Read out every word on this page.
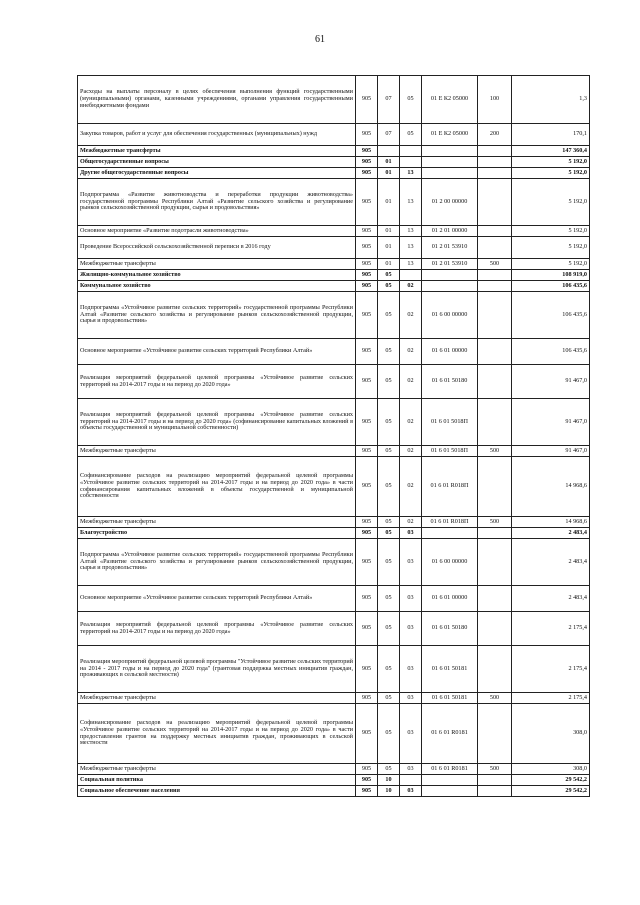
61
Расходы на выплаты персоналу в целях обеспечения выполнения функций государственными (муниципальными) органами, казенными учреждениями, органами управления государственными внебюджетными фондами	905	07	05	01 Е К2 05000	100	1,3
Закупка товаров, работ и услуг для обеспечения государственных (муниципальных) нужд	905	07	05	01 Е К2 05000	200	170,1
Межбюджетные трансферты	905					147 360,4
Общегосударственные вопросы	905	01				5 192,0
Другие общегосударственные вопросы	905	01	13			5 192,0
Подпрограмма «Развитие животноводства и переработки продукции животноводства» государственной программы Республики Алтай «Развитие сельского хозяйства и регулирование рынков сельскохозяйственной продукции, сырья и продовольствия»	905	01	13	01 2 00 00000		5 192,0
Основное мероприятие «Развитие подотрасли животноводства»	905	01	13	01 2 01 00000		5 192,0
Проведение Всероссийской сельскохозяйственной переписи в 2016 году	905	01	13	01 2 01 53910		5 192,0
Межбюджетные трансферты	905	01	13	01 2 01 53910	500	5 192,0
Жилищно-коммунальное хозяйство	905	05				108 919,0
Коммунальное хозяйство	905	05	02			106 435,6
Подпрограмма «Устойчивое развитие сельских территорий» государственной программы Республики Алтай «Развитие сельского хозяйства и регулирование рынков сельскохозяйственной продукции, сырья и продовольствия»	905	05	02	01 6 00 00000		106 435,6
Основное мероприятие «Устойчивое развитие сельских территорий Республики Алтай»	905	05	02	01 6 01 00000		106 435,6
Реализация мероприятий федеральной целевой программы «Устойчивое развитие сельских территорий на 2014-2017 годы и на период до 2020 года»	905	05	02	01 6 01 50180		91 467,0
Реализация мероприятий федеральной целевой программы «Устойчивое развитие сельских территорий на 2014-2017 годы и на период до 2020 года» (софинансирование капитальных вложений в объекты государственной и муниципальной собственности)	905	05	02	01 6 01 5018П		91 467,0
Межбюджетные трансферты	905	05	02	01 6 01 5018П	500	91 467,0
Софинансирование расходов на реализацию мероприятий федеральной целевой программы «Устойчивое развитие сельских территорий на 2014-2017 годы и на период до 2020 года» в части софинансирования капитальных вложений в объекты государственной и муниципальной собственности	905	05	02	01 6 01 R018П		14 968,6
Межбюджетные трансферты	905	05	02	01 6 01 R018П	500	14 968,6
Благоустройство	905	05	03			2 483,4
Подпрограмма «Устойчивое развитие сельских территорий» государственной программы Республики Алтай «Развитие сельского хозяйства и регулирование рынков сельскохозяйственной продукции, сырья и продовольствия»	905	05	03	01 6 00 00000		2 483,4
Основное мероприятие «Устойчивое развитие сельских территорий Республики Алтай»	905	05	03	01 6 01 00000		2 483,4
Реализация мероприятий федеральной целевой программы «Устойчивое развитие сельских территорий на 2014-2017 годы и на период до 2020 года»	905	05	03	01 6 01 50180		2 175,4
Реализация мероприятий федеральной целевой программы "Устойчивое развитие сельских территорий на 2014 - 2017 годы и на период до 2020 года" (грантовая поддержка местных инициатив граждан, проживающих в сельской местности)	905	05	03	01 6 01 50181		2 175,4
Межбюджетные трансферты	905	05	03	01 6 01 50181	500	2 175,4
Софинансирование расходов на реализацию мероприятий федеральной целевой программы «Устойчивое развитие сельских территорий на 2014-2017 годы и на период до 2020 года» в части предоставления грантов на поддержку местных инициатив граждан, проживающих в сельской местности	905	05	03	01 6 01 R0181		308,0
Межбюджетные трансферты	905	05	03	01 6 01 R0181	500	308,0
Социальная политика	905	10				29 542,2
Социальное обеспечение населения	905	10	03			29 542,2
